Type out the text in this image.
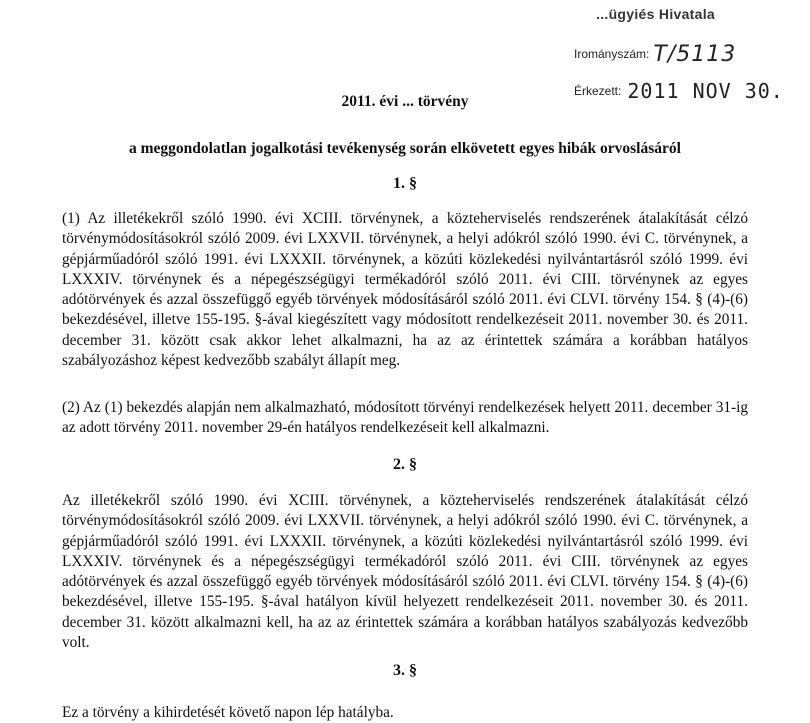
...ügyiés Hivatala
Irományszám: T/5113
Érkezett: 2011 NOV 30.
2011. évi ... törvény
a meggondolatlan jogalkotási tevékenység során elkövetett egyes hibák orvoslásáról
1. §
(1) Az illetékekről szóló 1990. évi XCIII. törvénynek, a közteherviselés rendszerének átalakítását célzó törvénymódosításokról szóló 2009. évi LXXVII. törvénynek, a helyi adókról szóló 1990. évi C. törvénynek, a gépjárműadóról szóló 1991. évi LXXXII. törvénynek, a közúti közlekedési nyilvántartásról szóló 1999. évi LXXXIV. törvénynek és a népegészségügyi termékadóról szóló 2011. évi CIII. törvénynek az egyes adótörvények és azzal összefüggő egyéb törvények módosításáról szóló 2011. évi CLVI. törvény 154. § (4)-(6) bekezdésével, illetve 155-195. §-ával kiegészített vagy módosított rendelkezéseit 2011. november 30. és 2011. december 31. között csak akkor lehet alkalmazni, ha az az érintettek számára a korábban hatályos szabályozáshoz képest kedvezőbb szabályt állapít meg.
(2) Az (1) bekezdés alapján nem alkalmazható, módosított törvényi rendelkezések helyett 2011. december 31-ig az adott törvény 2011. november 29-én hatályos rendelkezéseit kell alkalmazni.
2. §
Az illetékekről szóló 1990. évi XCIII. törvénynek, a közteherviselés rendszerének átalakítását célzó törvénymódosításokról szóló 2009. évi LXXVII. törvénynek, a helyi adókról szóló 1990. évi C. törvénynek, a gépjárműadóról szóló 1991. évi LXXXII. törvénynek, a közúti közlekedési nyilvántartásról szóló 1999. évi LXXXIV. törvénynek és a népegészségügyi termékadóról szóló 2011. évi CIII. törvénynek az egyes adótörvények és azzal összefüggő egyéb törvények módosításáról szóló 2011. évi CLVI. törvény 154. § (4)-(6) bekezdésével, illetve 155-195. §-ával hatályon kívül helyezett rendelkezéseit 2011. november 30. és 2011. december 31. között alkalmazni kell, ha az az érintettek számára a korábban hatályos szabályozás kedvezőbb volt.
3. §
Ez a törvény a kihirdetését követő napon lép hatályba.
